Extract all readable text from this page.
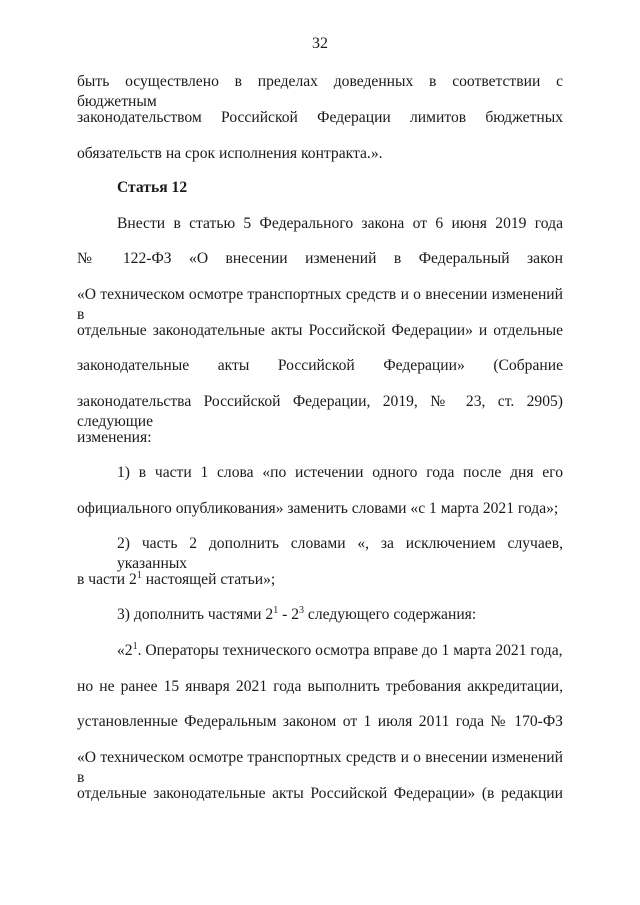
32
быть осуществлено в пределах доведенных в соответствии с бюджетным
законодательством Российской Федерации лимитов бюджетных
обязательств на срок исполнения контракта.».
Статья 12
Внести в статью 5 Федерального закона от 6 июня 2019 года
№ 122-ФЗ «О внесении изменений в Федеральный закон
«О техническом осмотре транспортных средств и о внесении изменений в
отдельные законодательные акты Российской Федерации» и отдельные
законодательные акты Российской Федерации» (Собрание
законодательства Российской Федерации, 2019, № 23, ст. 2905) следующие
изменения:
1) в части 1 слова «по истечении одного года после дня его
официального опубликования» заменить словами «с 1 марта 2021 года»;
2) часть 2 дополнить словами «, за исключением случаев, указанных
в части $2^1$ настоящей статьи»;
3) дополнить частями $2^1 - 2^3$ следующего содержания:
«$2^1$. Операторы технического осмотра вправе до 1 марта 2021 года,
но не ранее 15 января 2021 года выполнить требования аккредитации,
установленные Федеральным законом от 1 июля 2011 года № 170-ФЗ
«О техническом осмотре транспортных средств и о внесении изменений в
отдельные законодательные акты Российской Федерации» (в редакции
